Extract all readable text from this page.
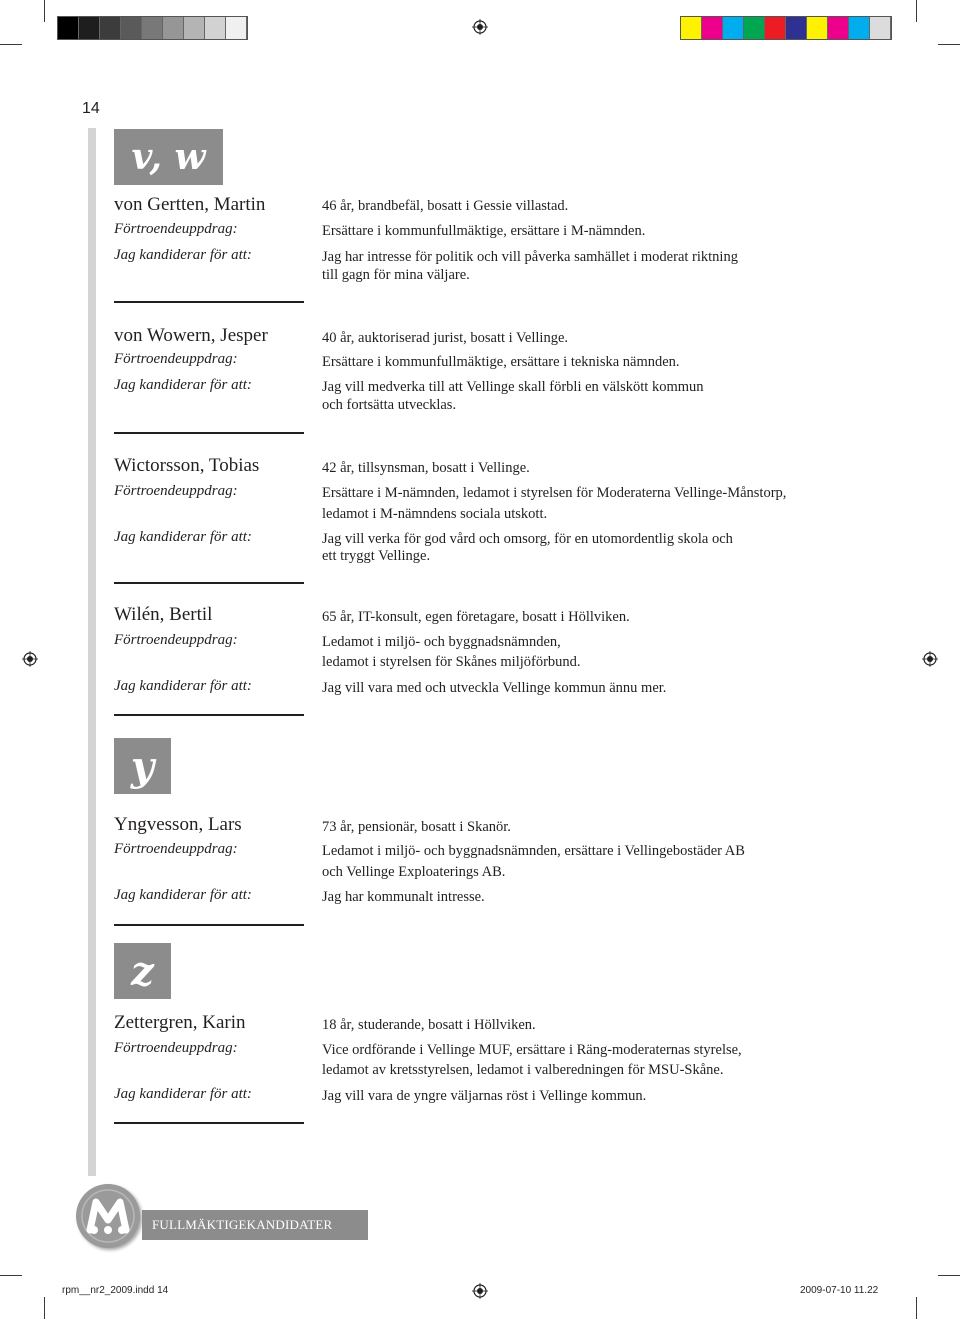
14
v, w
von Gertten, Martin	46 år, brandbefäl, bosatt i Gessie villastad.
Förtroendeuppdrag:	Ersättare i kommunfullmäktige, ersättare i M-nämnden.
Jag kandiderar för att:	Jag har intresse för politik och vill påverka samhället i moderat riktning
till gagn för mina väljare.
von Wowern, Jesper	40 år, auktoriserad jurist, bosatt i Vellinge.
Förtroendeuppdrag:	Ersättare i kommunfullmäktige, ersättare i tekniska nämnden.
Jag kandiderar för att:	Jag vill medverka till att Vellinge skall förbli en välskött kommun
och fortsätta utvecklas.
Wictorsson, Tobias	42 år, tillsynsman, bosatt i Vellinge.
Förtroendeuppdrag:	Ersättare i M-nämnden, ledamot i styrelsen för Moderaterna Vellinge-Månstorp,
ledamot i M-nämndens sociala utskott.
Jag kandiderar för att:	Jag vill verka för god vård och omsorg, för en utomordentlig skola och
ett tryggt Vellinge.
Wilén, Bertil	65 år, IT-konsult, egen företagare, bosatt i Höllviken.
Förtroendeuppdrag:	Ledamot i miljö- och byggnadsnämnden,
ledamot i styrelsen för Skånes miljöförbund.
Jag kandiderar för att:	Jag vill vara med och utveckla Vellinge kommun ännu mer.
y
Yngvesson, Lars	73 år, pensionär, bosatt i Skanör.
Förtroendeuppdrag:	Ledamot i miljö- och byggnadsnämnden, ersättare i Vellingebostäder AB
och Vellinge Exploaterings AB.
Jag kandiderar för att:	Jag har kommunalt intresse.
z
Zettergren, Karin	18 år, studerande, bosatt i Höllviken.
Förtroendeuppdrag:	Vice ordförande i Vellinge MUF, ersättare i Räng-moderaternas styrelse,
ledamot av kretsstyrelsen, ledamot i valberedningen för MSU-Skåne.
Jag kandiderar för att:	Jag vill vara de yngre väljarnas röst i Vellinge kommun.
FULLMÄKTIGEKANDIDATER
rpm__nr2_2009.indd 14	2009-07-10 11.22
